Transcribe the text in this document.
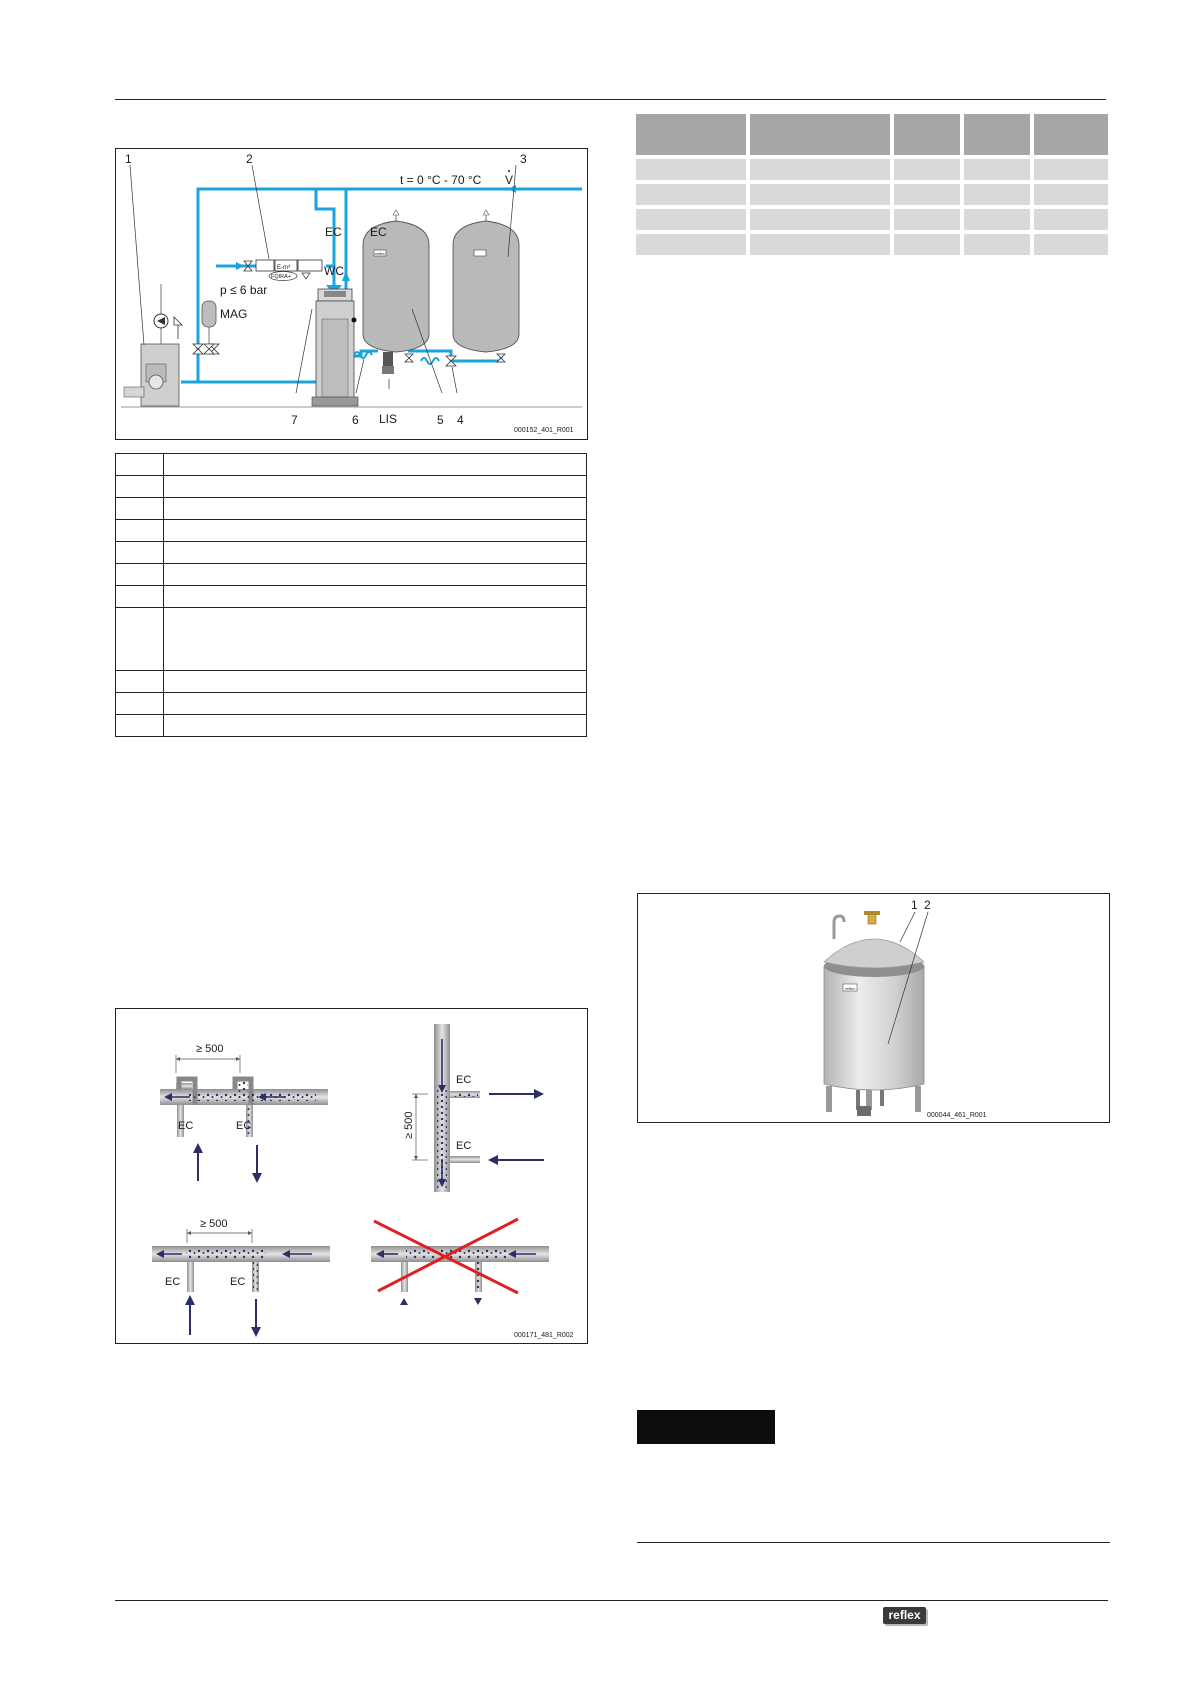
MAG
E-m³
FQIRA+
reflex
1	2	3
4
5
6
7	LIS
t = 0 °C - 70 °C V
EC EC
WC
p ≤ 6 bar
000152_401_R001

≥ 500
EC	EC
EC
EC
≥ 500
≥ 500
EC	EC
000171_481_R002

reflex
1 2
000044_461_R001
reflex
